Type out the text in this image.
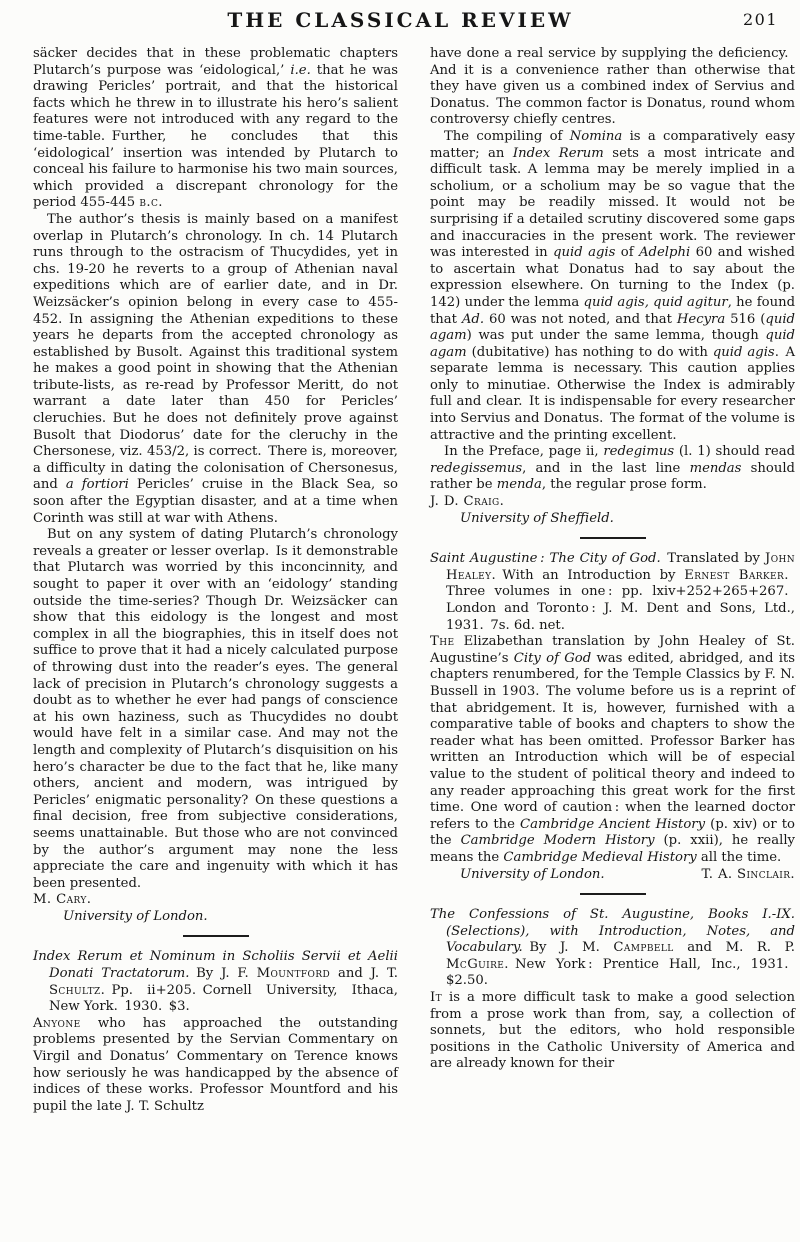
THE CLASSICAL REVIEW	201

säcker decides that in these problematic chapters Plutarch’s purpose was ‘eidological,’ i.e. that he was drawing Pericles’ portrait, and that the historical facts which he threw in to illustrate his hero’s salient features were not introduced with any regard to the time-table. Further, he concludes that this ‘eidological’ insertion was intended by Plutarch to conceal his failure to harmonise his two main sources, which provided a discrepant chronology for the period 455-445 b.c.

The author’s thesis is mainly based on a manifest overlap in Plutarch’s chronology. In ch. 14 Plutarch runs through to the ostracism of Thucydides, yet in chs. 19-20 he reverts to a group of Athenian naval expeditions which are of earlier date, and in Dr. Weizsäcker’s opinion belong in every case to 455-452. In assigning the Athenian expeditions to these years he departs from the accepted chronology as established by Busolt. Against this traditional system he makes a good point in showing that the Athenian tribute-lists, as re-read by Professor Meritt, do not warrant a date later than 450 for Pericles’ cleruchies. But he does not definitely prove against Busolt that Diodorus’ date for the cleruchy in the Chersonese, viz. 453/2, is correct. There is, moreover, a difficulty in dating the colonisation of Chersonesus, and a fortiori Pericles’ cruise in the Black Sea, so soon after the Egyptian disaster, and at a time when Corinth was still at war with Athens.

But on any system of dating Plutarch’s chronology reveals a greater or lesser overlap. Is it demonstrable that Plutarch was worried by this inconcinnity, and sought to paper it over with an ‘eidology’ standing outside the time-series? Though Dr. Weizsäcker can show that this eidology is the longest and most complex in all the biographies, this in itself does not suffice to prove that it had a nicely calculated purpose of throwing dust into the reader’s eyes. The general lack of precision in Plutarch’s chronology suggests a doubt as to whether he ever had pangs of conscience at his own haziness, such as Thucydides no doubt would have felt in a similar case. And may not the length and complexity of Plutarch’s disquisition on his hero’s character be due to the fact that he, like many others, ancient and modern, was intrigued by Pericles’ enigmatic personality? On these questions a final decision, free from subjective considerations, seems unattainable. But those who are not convinced by the author’s argument may none the less appreciate the care and ingenuity with which it has been presented.

M. Cary.
University of London.

Index Rerum et Nominum in Scholiis Servii et Aelii Donati Tractatorum. By J. F. Mountford and J. T. Schultz. Pp. ii+205. Cornell University, Ithaca, New York. 1930. $3.

Anyone who has approached the outstanding problems presented by the Servian Commentary on Virgil and Donatus’ Commentary on Terence knows how seriously he was handicapped by the absence of indices of these works. Professor Mountford and his pupil the late J. T. Schultz

have done a real service by supplying the deficiency. And it is a convenience rather than otherwise that they have given us a combined index of Servius and Donatus. The common factor is Donatus, round whom controversy chiefly centres.

The compiling of Nomina is a comparatively easy matter; an Index Rerum sets a most intricate and difficult task. A lemma may be merely implied in a scholium, or a scholium may be so vague that the point may be readily missed. It would not be surprising if a detailed scrutiny discovered some gaps and inaccuracies in the present work. The reviewer was interested in quid agis of Adelphi 60 and wished to ascertain what Donatus had to say about the expression elsewhere. On turning to the Index (p. 142) under the lemma quid agis, quid agitur, he found that Ad. 60 was not noted, and that Hecyra 516 (quid agam) was put under the same lemma, though quid agam (dubitative) has nothing to do with quid agis. A separate lemma is necessary. This caution applies only to minutiae. Otherwise the Index is admirably full and clear. It is indispensable for every researcher into Servius and Donatus. The format of the volume is attractive and the printing excellent.

In the Preface, page ii, redegimus (l. 1) should read redegissemus, and in the last line mendas should rather be menda, the regular prose form.

J. D. Craig.
University of Sheffield.

Saint Augustine : The City of God. Translated by John Healey. With an Introduction by Ernest Barker. Three volumes in one : pp. lxiv+252+265+267. London and Toronto : J. M. Dent and Sons, Ltd., 1931. 7s. 6d. net.

The Elizabethan translation by John Healey of St. Augustine’s City of God was edited, abridged, and its chapters renumbered, for the Temple Classics by F. N. Bussell in 1903. The volume before us is a reprint of that abridgement. It is, however, furnished with a comparative table of books and chapters to show the reader what has been omitted. Professor Barker has written an Introduction which will be of especial value to the student of political theory and indeed to any reader approaching this great work for the first time. One word of caution : when the learned doctor refers to the Cambridge Ancient History (p. xiv) or to the Cambridge Modern History (p. xxii), he really means the Cambridge Medieval History all the time.
T. A. Sinclair.

University of London.

The Confessions of St. Augustine, Books I.-IX. (Selections), with Introduction, Notes, and Vocabulary. By J. M. Campbell and M. R. P. McGuire. New York : Prentice Hall, Inc., 1931. $2.50.

It is a more difficult task to make a good selection from a prose work than from, say, a collection of sonnets, but the editors, who hold responsible positions in the Catholic University of America and are already known for their
